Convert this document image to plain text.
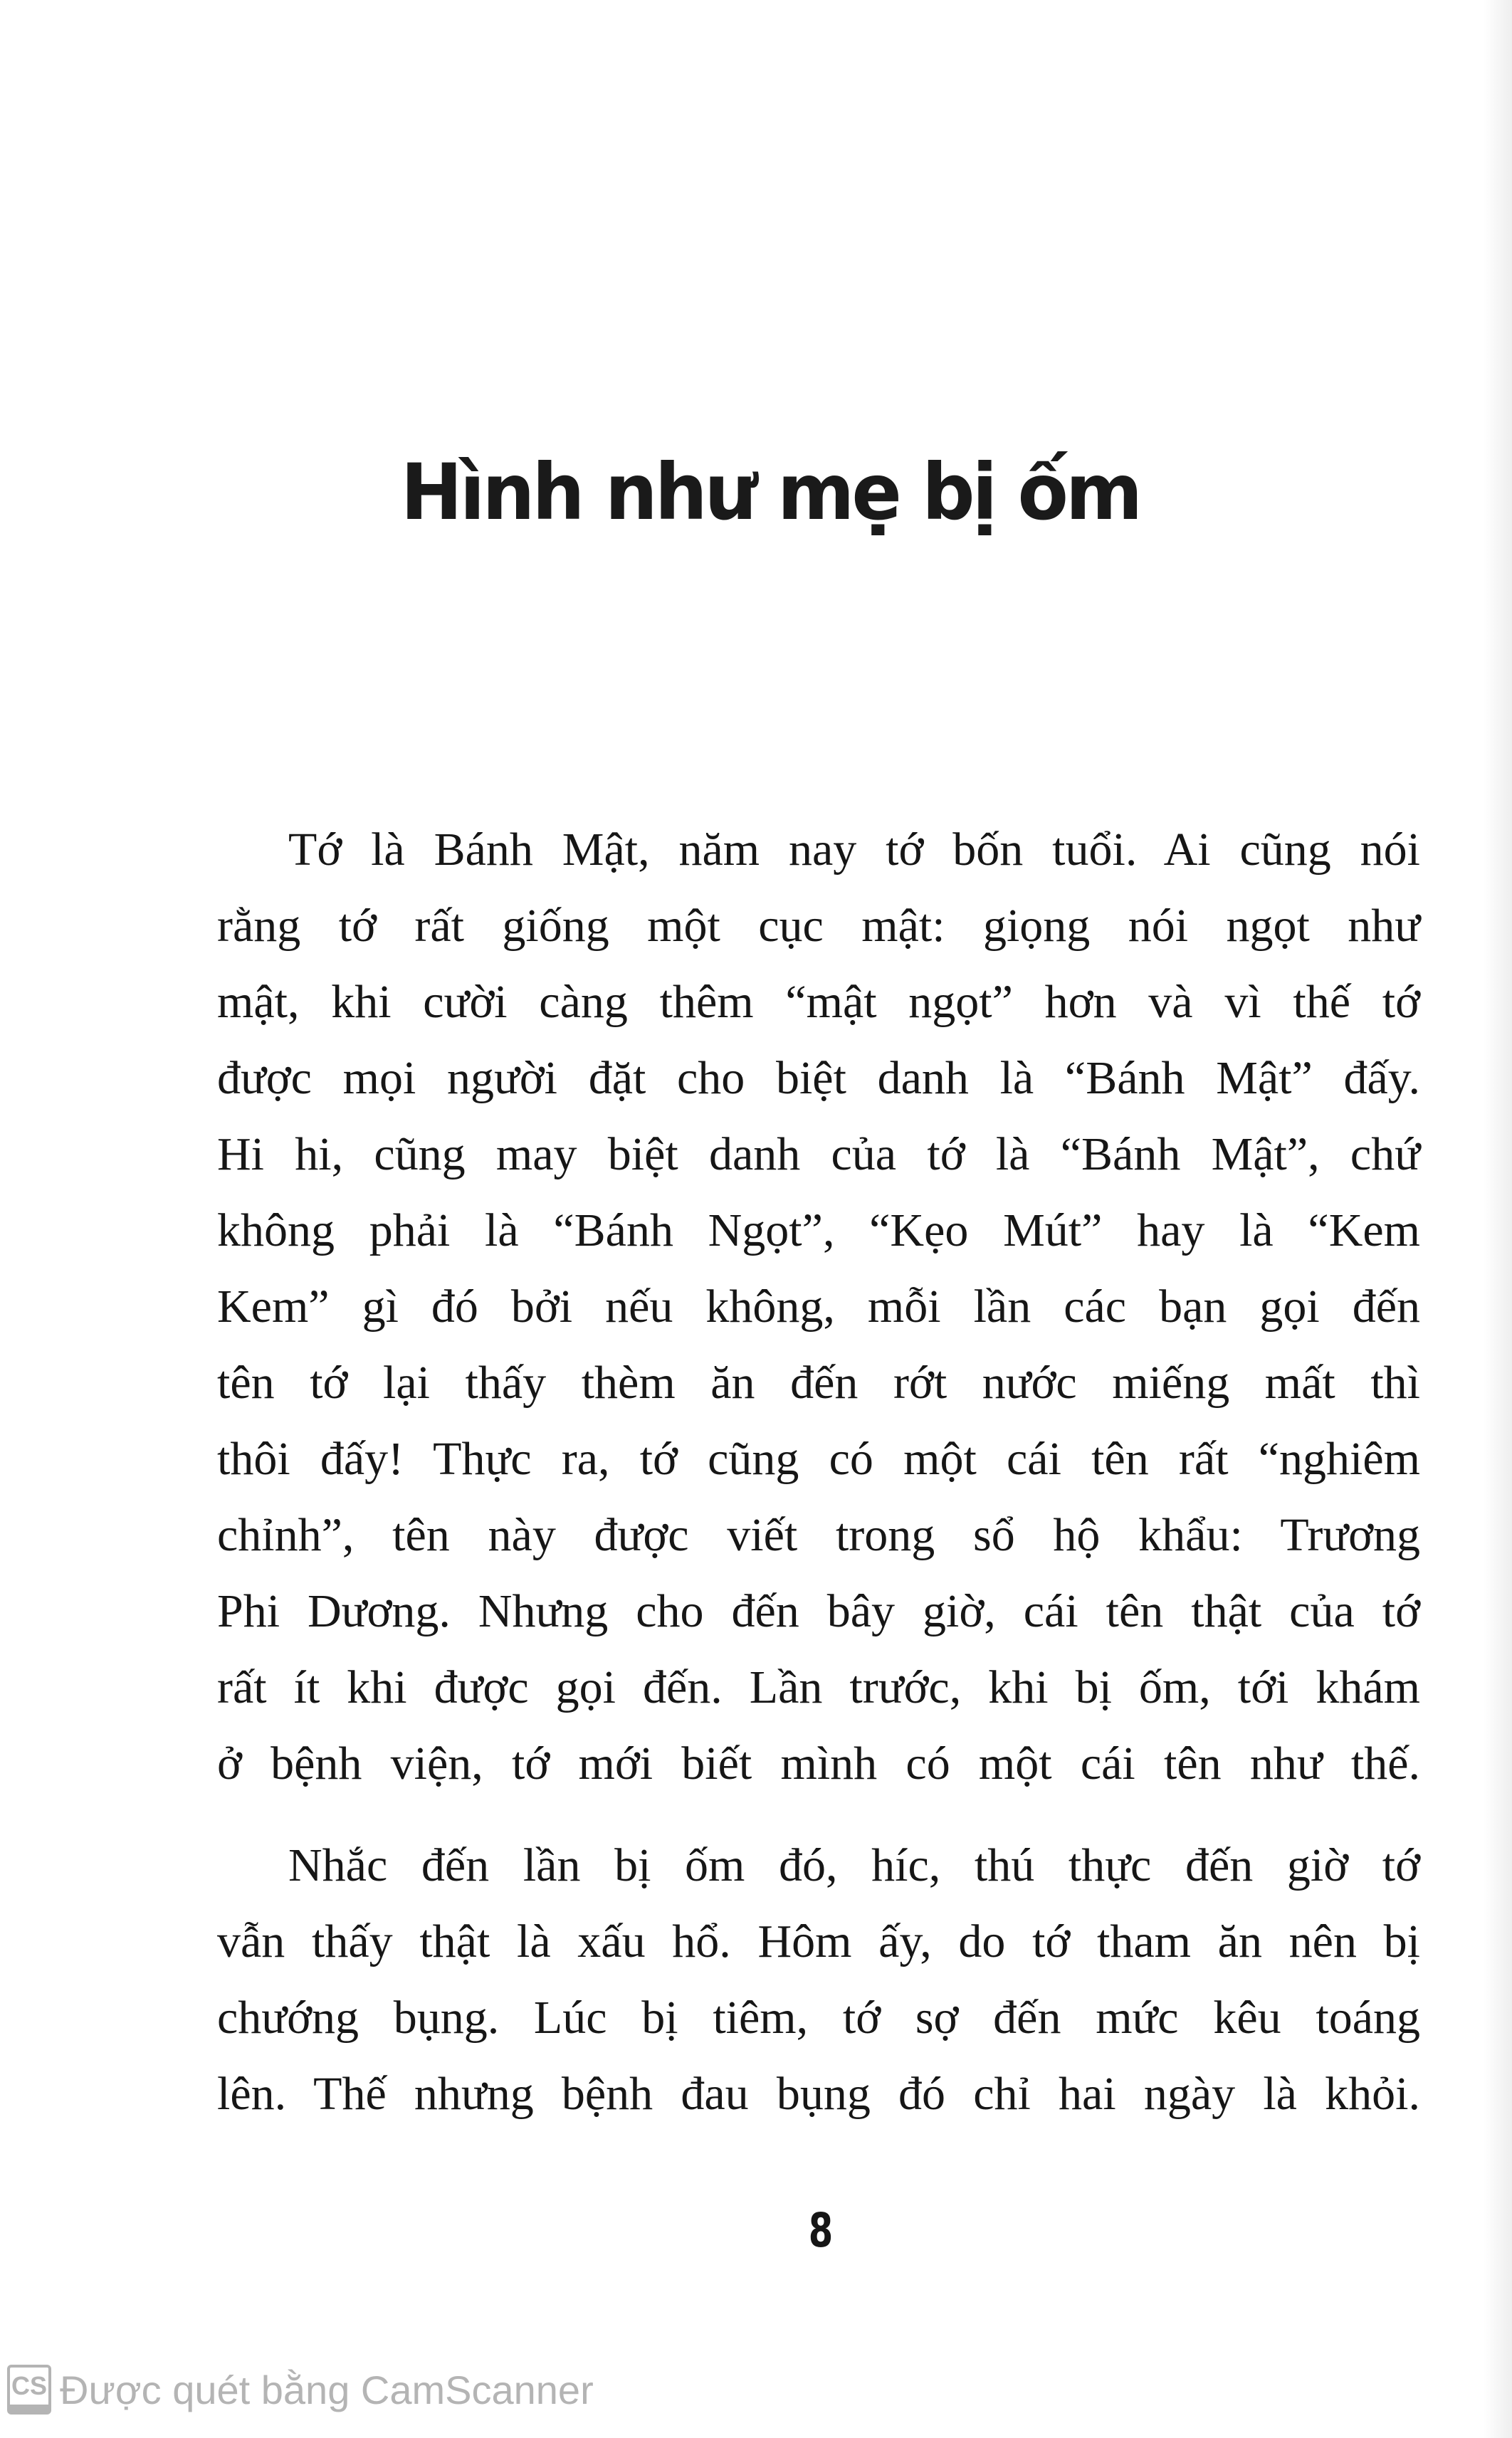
Hình như mẹ bị ốm
Tớ là Bánh Mật, năm nay tớ bốn tuổi. Ai cũng nói
rằng tớ rất giống một cục mật: giọng nói ngọt như
mật, khi cười càng thêm “mật ngọt” hơn và vì thế tớ
được mọi người đặt cho biệt danh là “Bánh Mật” đấy.
Hi hi, cũng may biệt danh của tớ là “Bánh Mật”, chứ
không phải là “Bánh Ngọt”, “Kẹo Mút” hay là “Kem
Kem” gì đó bởi nếu không, mỗi lần các bạn gọi đến
tên tớ lại thấy thèm ăn đến rớt nước miếng mất thì
thôi đấy! Thực ra, tớ cũng có một cái tên rất “nghiêm
chỉnh”, tên này được viết trong sổ hộ khẩu: Trương
Phi Dương. Nhưng cho đến bây giờ, cái tên thật của tớ
rất ít khi được gọi đến. Lần trước, khi bị ốm, tới khám
ở bệnh viện, tớ mới biết mình có một cái tên như thế.
Nhắc đến lần bị ốm đó, híc, thú thực đến giờ tớ
vẫn thấy thật là xấu hổ. Hôm ấy, do tớ tham ăn nên bị
chướng bụng. Lúc bị tiêm, tớ sợ đến mức kêu toáng
lên. Thế nhưng bệnh đau bụng đó chỉ hai ngày là khỏi.
8
CS Được quét bằng CamScanner
